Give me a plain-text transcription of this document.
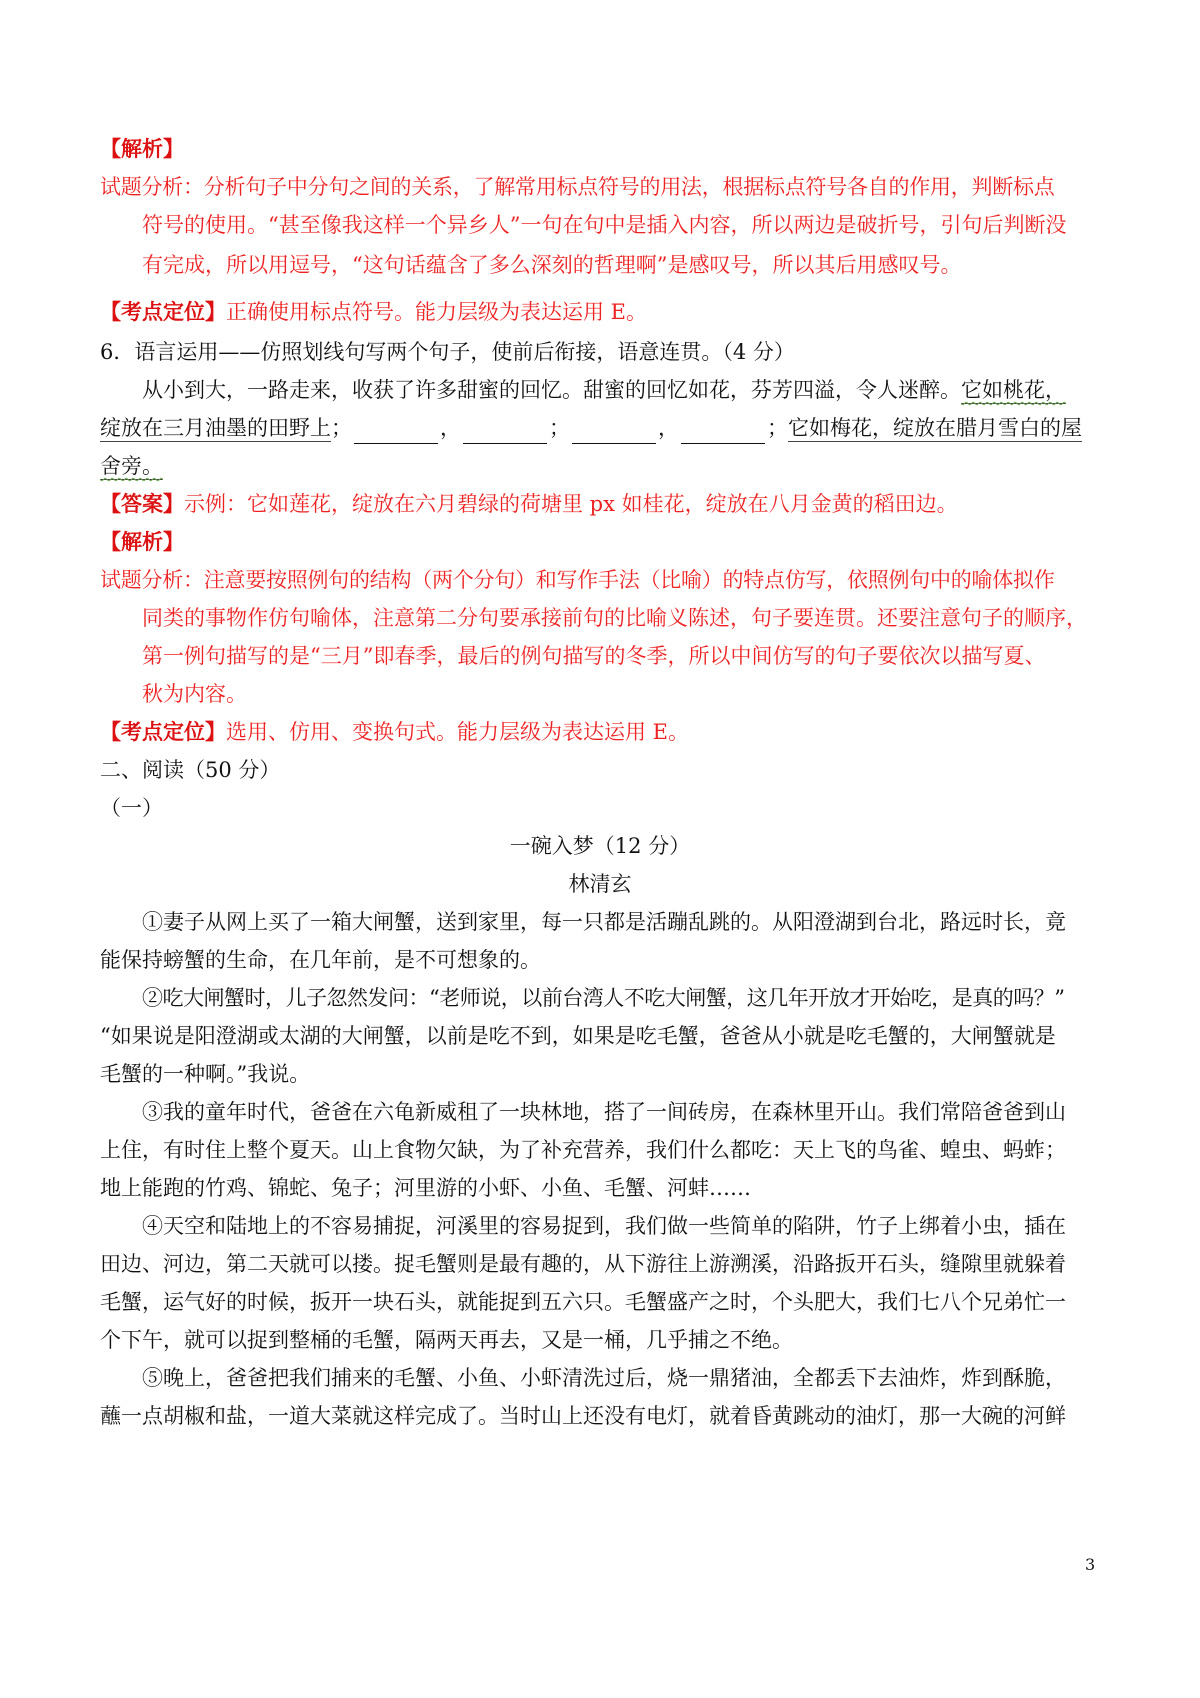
【解析】
试题分析：分析句子中分句之间的关系，了解常用标点符号的用法，根据标点符号各自的作用，判断标点
符号的使用。“甚至像我这样一个异乡人”一句在句中是插入内容，所以两边是破折号，引句后判断没
有完成，所以用逗号，“这句话蕴含了多么深刻的哲理啊”是感叹号，所以其后用感叹号。
【考点定位】正确使用标点符号。能力层级为表达运用 E。
6．语言运用——仿照划线句写两个句子，使前后衔接，语意连贯。（4 分）
从小到大，一路走来，收获了许多甜蜜的回忆。甜蜜的回忆如花，芬芳四溢，令人迷醉。它如桃花，
绽放在三月油墨的田野上；	，	；	，	；它如梅花，绽放在腊月雪白的屋
舍旁。
【答案】示例：它如莲花，绽放在六月碧绿的荷塘里 px 如桂花，绽放在八月金黄的稻田边。
【解析】
试题分析：注意要按照例句的结构（两个分句）和写作手法（比喻）的特点仿写，依照例句中的喻体拟作
同类的事物作仿句喻体，注意第二分句要承接前句的比喻义陈述，句子要连贯。还要注意句子的顺序，
第一例句描写的是“三月”即春季，最后的例句描写的冬季，所以中间仿写的句子要依次以描写夏、
秋为内容。
【考点定位】选用、仿用、变换句式。能力层级为表达运用 E。
二、阅读（50 分）
（一）
一碗入梦（12 分）
林清玄
①妻子从网上买了一箱大闸蟹，送到家里，每一只都是活蹦乱跳的。从阳澄湖到台北，路远时长，竟
能保持螃蟹的生命，在几年前，是不可想象的。
②吃大闸蟹时，儿子忽然发问：“老师说，以前台湾人不吃大闸蟹，这几年开放才开始吃，是真的吗？”
“如果说是阳澄湖或太湖的大闸蟹，以前是吃不到，如果是吃毛蟹，爸爸从小就是吃毛蟹的，大闸蟹就是
毛蟹的一种啊。”我说。
③我的童年时代，爸爸在六龟新威租了一块林地，搭了一间砖房，在森林里开山。我们常陪爸爸到山
上住，有时住上整个夏天。山上食物欠缺，为了补充营养，我们什么都吃：天上飞的鸟雀、蝗虫、蚂蚱；
地上能跑的竹鸡、锦蛇、兔子；河里游的小虾、小鱼、毛蟹、河蚌……
④天空和陆地上的不容易捕捉，河溪里的容易捉到，我们做一些简单的陷阱，竹子上绑着小虫，插在
田边、河边，第二天就可以搂。捉毛蟹则是最有趣的，从下游往上游溯溪，沿路扳开石头，缝隙里就躲着
毛蟹，运气好的时候，扳开一块石头，就能捉到五六只。毛蟹盛产之时，个头肥大，我们七八个兄弟忙一
个下午，就可以捉到整桶的毛蟹，隔两天再去，又是一桶，几乎捕之不绝。
⑤晚上，爸爸把我们捕来的毛蟹、小鱼、小虾清洗过后，烧一鼎猪油，全都丢下去油炸，炸到酥脆，
蘸一点胡椒和盐，一道大菜就这样完成了。当时山上还没有电灯，就着昏黄跳动的油灯，那一大碗的河鲜
3
